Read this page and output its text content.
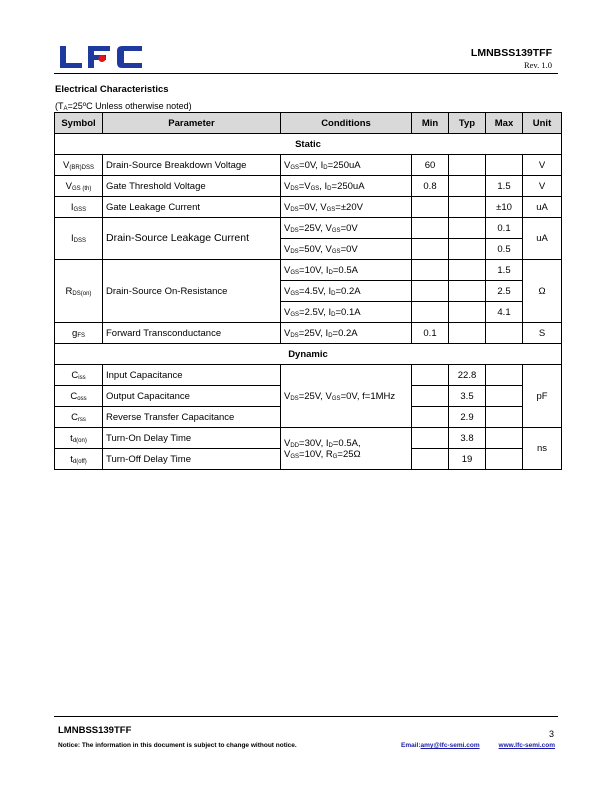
LMNBSS139TFF
Rev. 1.0
Electrical Characteristics
($T_A=25ºC$ Unless otherwise noted)
Symbol	Parameter	Conditions	Min	Typ	Max	Unit
Static						
$V_{(BR)DSS}$	Drain-Source Breakdown Voltage	$V_{GS}=0V$, $I_D=250uA$	60			V
$V_{GS (th)}$	Gate Threshold Voltage	$V_{DS}=V_{GS}$, $I_D=250uA$	0.8		1.5	V
$I_{GSS}$	Gate Leakage Current	$V_{DS}=0V$, $V_{GS}=\pm 20V$			±10	uA
$I_{DSS}$	Drain-Source Leakage Current	$V_{DS}=25V$, $V_{GS}=0V$			0.1	uA
		$V_{DS}=50V$, $V_{GS}=0V$			0.5	
$R_{DS(on)}$	Drain-Source On-Resistance	$V_{GS}=10V$, $I_D=0.5A$			1.5	Ω
		$V_{GS}=4.5V$, $I_D=0.2A$			2.5	
		$V_{GS}=2.5V$, $I_D=0.1A$			4.1	
$g_{FS}$	Forward Transconductance	$V_{DS}=25V$, $I_D=0.2A$	0.1			S
Dynamic						
$C_{iss}$	Input Capacitance	$V_{DS}=25V$, $V_{GS}=0V$, f=1MHz		22.8		pF
$C_{oss}$	Output Capacitance			3.5		
$C_{rss}$	Reverse Transfer Capacitance			2.9		
$t_{d(on)}$	Turn-On Delay Time	$V_{DD}=30V$, $I_D=0.5A$,
$V_{GS}=10V$, $R_G=25\Omega$		3.8		ns
$t_{d(off)}$	Turn-Off Delay Time			19		
LMNBSS139TFF	3
Notice: The information in this document is subject to change without notice.	Email:amy@lfc-semi.com	www.lfc-semi.com
